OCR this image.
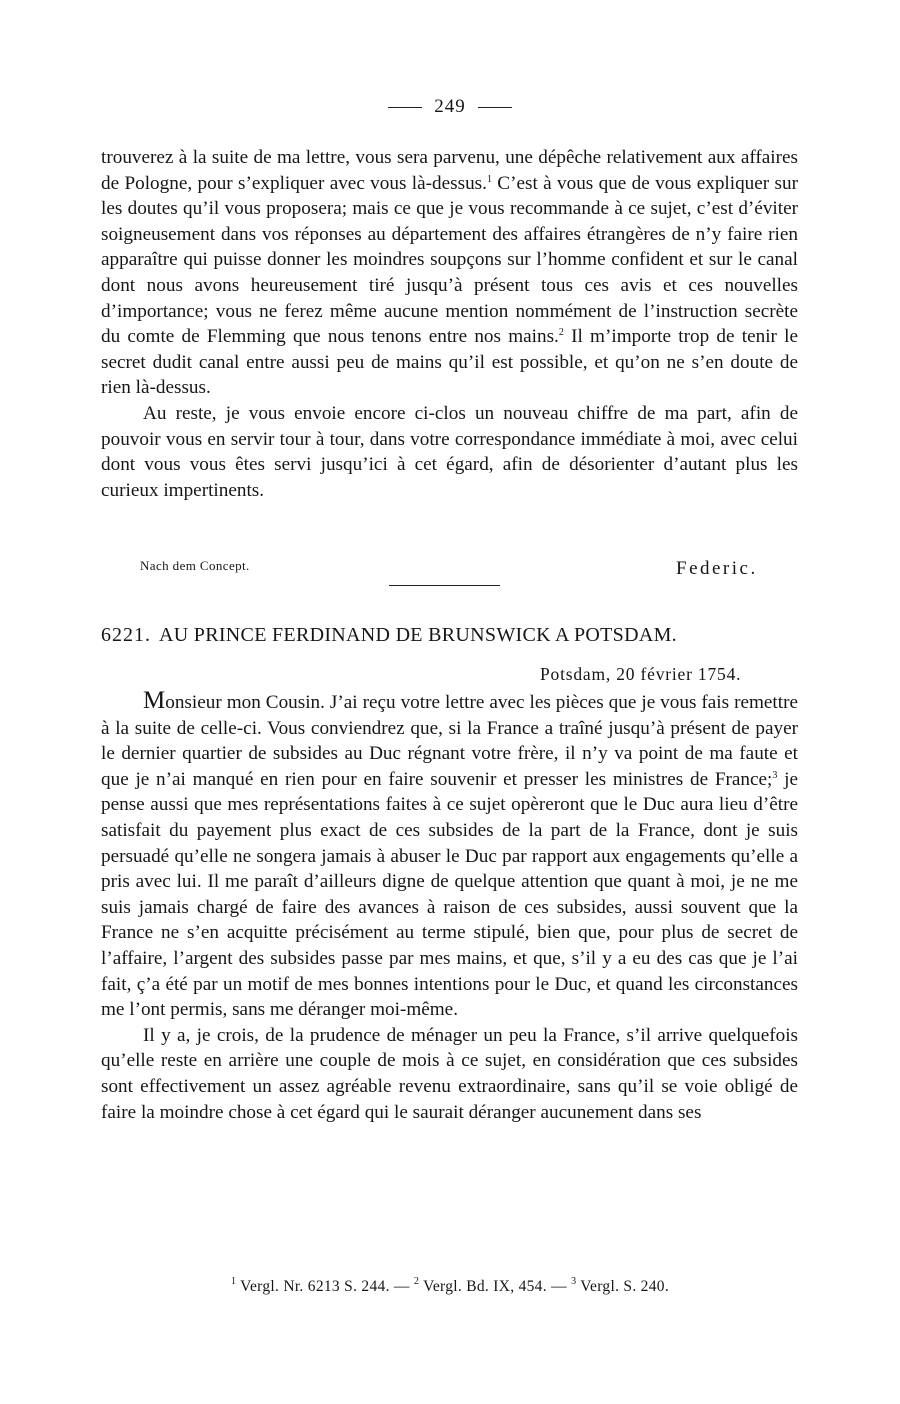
249

trouverez à la suite de ma lettre, vous sera parvenu, une dépêche relativement aux affaires de Pologne, pour s’expliquer avec vous là-dessus.$^1$ C’est à vous que de vous expliquer sur les doutes qu’il vous proposera; mais ce que je vous recommande à ce sujet, c’est d’éviter soigneusement dans vos réponses au département des affaires étrangères de n’y faire rien apparaître qui puisse donner les moindres soupçons sur l’homme confident et sur le canal dont nous avons heureusement tiré jusqu’à présent tous ces avis et ces nouvelles d’importance; vous ne ferez même aucune mention nommément de l’instruction secrète du comte de Flemming que nous tenons entre nos mains.$^2$ Il m’importe trop de tenir le secret dudit canal entre aussi peu de mains qu’il est possible, et qu’on ne s’en doute de rien là-dessus.

Au reste, je vous envoie encore ci-clos un nouveau chiffre de ma part, afin de pouvoir vous en servir tour à tour, dans votre correspondance immédiate à moi, avec celui dont vous vous êtes servi jusqu’ici à cet égard, afin de désorienter d’autant plus les curieux impertinents.

Nach dem Concept.	Federic.
6221. AU PRINCE FERDINAND DE BRUNSWICK A POTSDAM.
Potsdam, 20 février 1754.

Monsieur mon Cousin. J’ai reçu votre lettre avec les pièces que je vous fais remettre à la suite de celle-ci. Vous conviendrez que, si la France a traîné jusqu’à présent de payer le dernier quartier de subsides au Duc régnant votre frère, il n’y va point de ma faute et que je n’ai manqué en rien pour en faire souvenir et presser les ministres de France;$^3$ je pense aussi que mes représentations faites à ce sujet opèreront que le Duc aura lieu d’être satisfait du payement plus exact de ces subsides de la part de la France, dont je suis persuadé qu’elle ne songera jamais à abuser le Duc par rapport aux engagements qu’elle a pris avec lui. Il me paraît d’ailleurs digne de quelque attention que quant à moi, je ne me suis jamais chargé de faire des avances à raison de ces subsides, aussi souvent que la France ne s’en acquitte précisément au terme stipulé, bien que, pour plus de secret de l’affaire, l’argent des subsides passe par mes mains, et que, s’il y a eu des cas que je l’ai fait, ç’a été par un motif de mes bonnes intentions pour le Duc, et quand les circonstances me l’ont permis, sans me déranger moi-même.

Il y a, je crois, de la prudence de ménager un peu la France, s’il arrive quelquefois qu’elle reste en arrière une couple de mois à ce sujet, en considération que ces subsides sont effectivement un assez agréable revenu extraordinaire, sans qu’il se voie obligé de faire la moindre chose à cet égard qui le saurait déranger aucunement dans ses

$^1$ Vergl. Nr. 6213 S. 244. — $^2$ Vergl. Bd. IX, 454. — $^3$ Vergl. S. 240.
